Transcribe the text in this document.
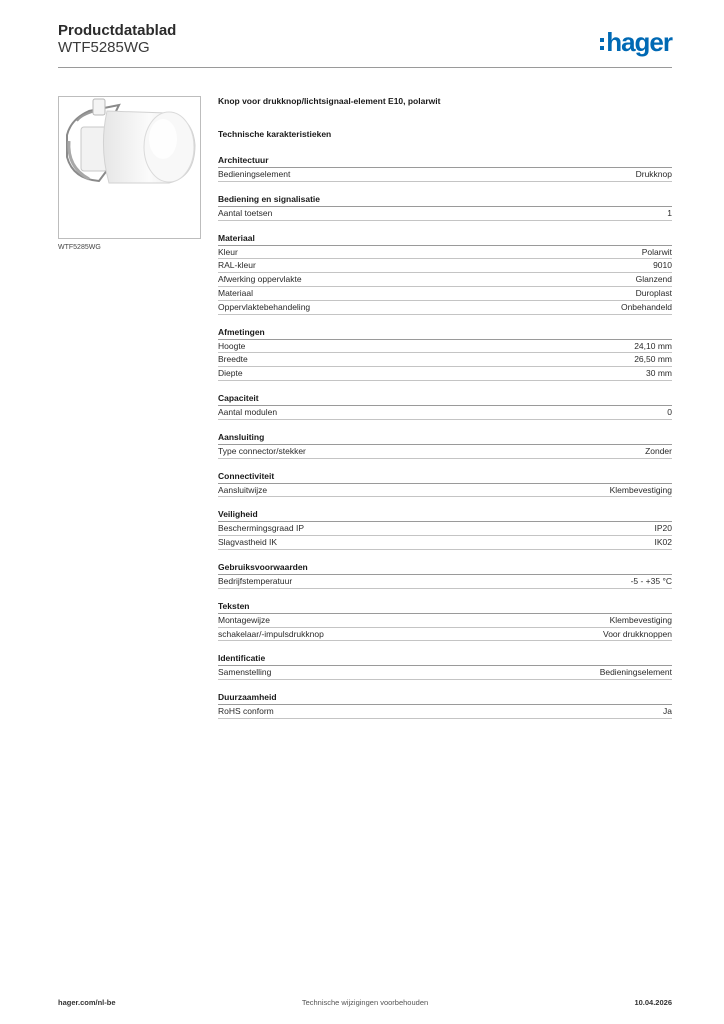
Productdatablad
WTF5285WG	hager
WTF5285WG
Knop voor drukknop/lichtsignaal-element E10, polarwit
Technische karakteristieken
Architectuur
Bedieningselement	Drukknop
Bediening en signalisatie
Aantal toetsen	1
Materiaal
Kleur	Polarwit
RAL-kleur	9010
Afwerking oppervlakte	Glanzend
Materiaal	Duroplast
Oppervlaktebehandeling	Onbehandeld
Afmetingen
Hoogte	24,10 mm
Breedte	26,50 mm
Diepte	30 mm
Capaciteit
Aantal modulen	0
Aansluiting
Type connector/stekker	Zonder
Connectiviteit
Aansluitwijze	Klembevestiging
Veiligheid
Beschermingsgraad IP	IP20
Slagvastheid IK	IK02
Gebruiksvoorwaarden
Bedrijfstemperatuur	-5 - +35 °C
Teksten
Montagewijze	Klembevestiging
schakelaar/-impulsdrukknop	Voor drukknoppen
Identificatie
Samenstelling	Bedieningselement
Duurzaamheid
RoHS conform	Ja
Technische wijzigingen voorbehouden
hager.com/nl-be	10.04.2026
